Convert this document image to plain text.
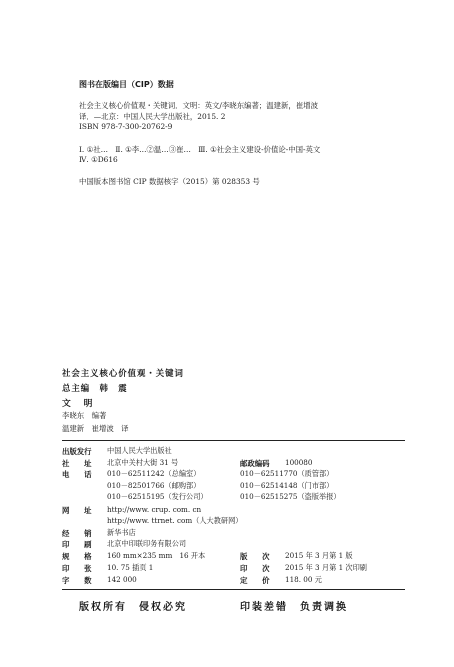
图书在版编目（CIP）数据
社会主义核心价值观・关键词．文明：英文/李晓东编著；温建新，崔增波
译．—北京：中国人民大学出版社，2015. 2
ISBN 978-7-300-20762-9
Ⅰ. ①社…　Ⅱ. ①李…②温…③崔…　Ⅲ. ①社会主义建设-价值论-中国-英文
Ⅳ. ①D616
中国版本图书馆 CIP 数据核字（2015）第 028353 号
社会主义核心价值观・关键词
总主编　韩　震
文　明
李晓东　编著
温建新　崔增波　译
出版发行 中国人民大学出版社
社　　址 北京中关村大街 31 号	邮政编码 100080
电　　话 010－62511242（总编室）	010－62511770（质管部）
010－82501766（邮购部）	010－62514148（门市部）
010－62515195（发行公司）	010－62515275（盗版举报）
网　　址 http://www. crup. com. cn
http://www. ttrnet. com（人大教研网）
经　　销 新华书店
印　　刷 北京中印联印务有限公司
规　　格 160 mm×235 mm　16 开本	版　　次 2015 年 3 月第 1 版
印　　张 10. 75 插页 1	印　　次 2015 年 3 月第 1 次印刷
字　　数 142 000	定　　价 118. 00 元
版权所有　侵权必究	印装差错　负责调换
